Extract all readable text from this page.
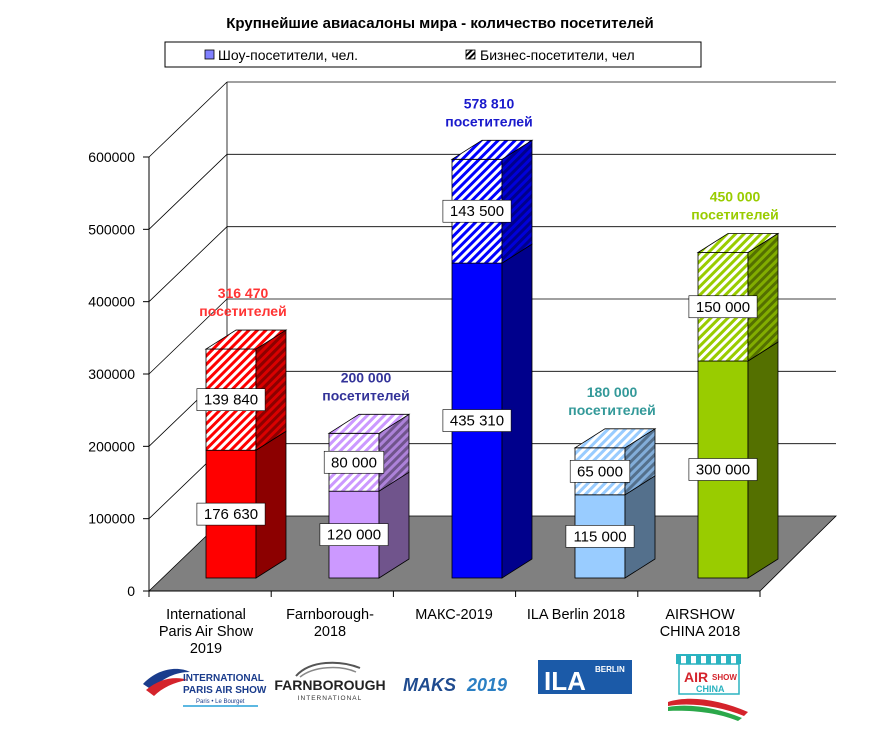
Крупнейшие авиасалоны мира - количество посетителей
Шоу-посетители, чел.	Бизнес-посетители, чел
0
100000
200000
300000
400000
500000
600000
176 630
139 840
316 470
посетителей
120 000
80 000
200 000
посетителей
435 310
143 500
578 810
посетителей
115 000
65 000
180 000
посетителей
300 000
150 000
450 000
посетителей
International Paris Air Show 2019
Farnborough-2018
МАКС-2019 ILA Berlin 2018	AIRSHOW CHINA 2018
INTERNATIONAL
PARIS AIR SHOW
Paris • Le Bourget
FARNBOROUGH
INTERNATIONAL
MAKS 2019 ILA BERLIN	AIR SHOW
CHINA
